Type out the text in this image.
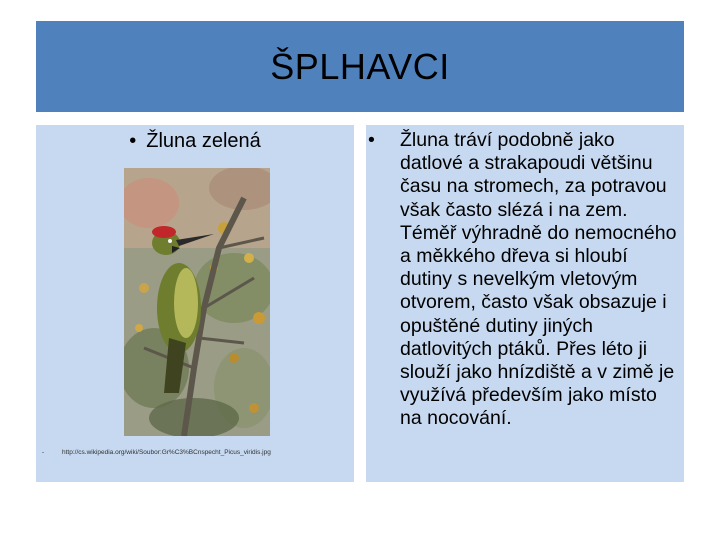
ŠPLHAVCI
• Žluna zelená
-	http://cs.wikipedia.org/wiki/Soubor:Gr%C3%BCnspecht_Picus_viridis.jpg
• Žluna tráví podobně jako datlové a strakapoudi většinu času na stromech, za potravou však často slézá i na zem. Téměř výhradně do nemocného a měkkého dřeva si hloubí dutiny s nevelkým vletovým otvorem, často však obsazuje i opuštěné dutiny jiných datlovitých ptáků. Přes léto ji slouží jako hnízdiště a v zimě je využívá především jako místo na nocování.
